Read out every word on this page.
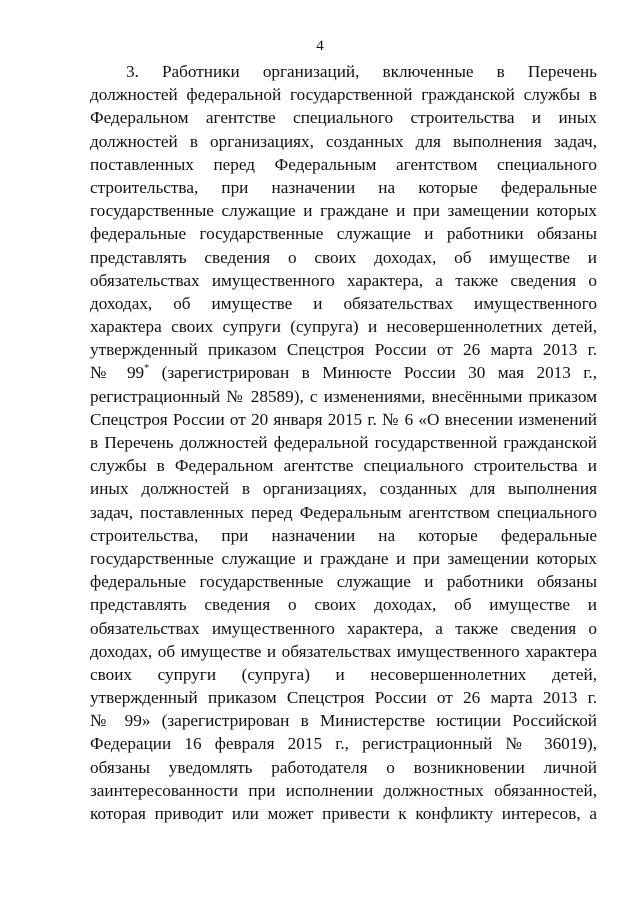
4
3. Работники организаций, включенные в Перечень
должностей федеральной государственной гражданской службы в
Федеральном агентстве специального строительства и иных
должностей в организациях, созданных для выполнения задач,
поставленных перед Федеральным агентством специального
строительства, при назначении на которые федеральные
государственные служащие и граждане и при замещении которых
федеральные государственные служащие и работники обязаны
представлять сведения о своих доходах, об имуществе и
обязательствах имущественного характера, а также сведения о
доходах, об имуществе и обязательствах имущественного
характера своих супруги (супруга) и несовершеннолетних детей,
утвержденный приказом Спецстроя России от 26 марта 2013 г.
№ 99* (зарегистрирован в Минюсте России 30 мая 2013 г.,
регистрационный № 28589), с изменениями, внесёнными приказом
Спецстроя России от 20 января 2015 г. № 6 «О внесении изменений
в Перечень должностей федеральной государственной гражданской
службы в Федеральном агентстве специального строительства и
иных должностей в организациях, созданных для выполнения
задач, поставленных перед Федеральным агентством специального
строительства, при назначении на которые федеральные
государственные служащие и граждане и при замещении которых
федеральные государственные служащие и работники обязаны
представлять сведения о своих доходах, об имуществе и
обязательствах имущественного характера, а также сведения о
доходах, об имуществе и обязательствах имущественного характера
своих супруги (супруга) и несовершеннолетних детей,
утвержденный приказом Спецстроя России от 26 марта 2013 г.
№ 99» (зарегистрирован в Министерстве юстиции Российской
Федерации 16 февраля 2015 г., регистрационный № 36019),
обязаны уведомлять работодателя о возникновении личной
заинтересованности при исполнении должностных обязанностей,
которая приводит или может привести к конфликту интересов, а
